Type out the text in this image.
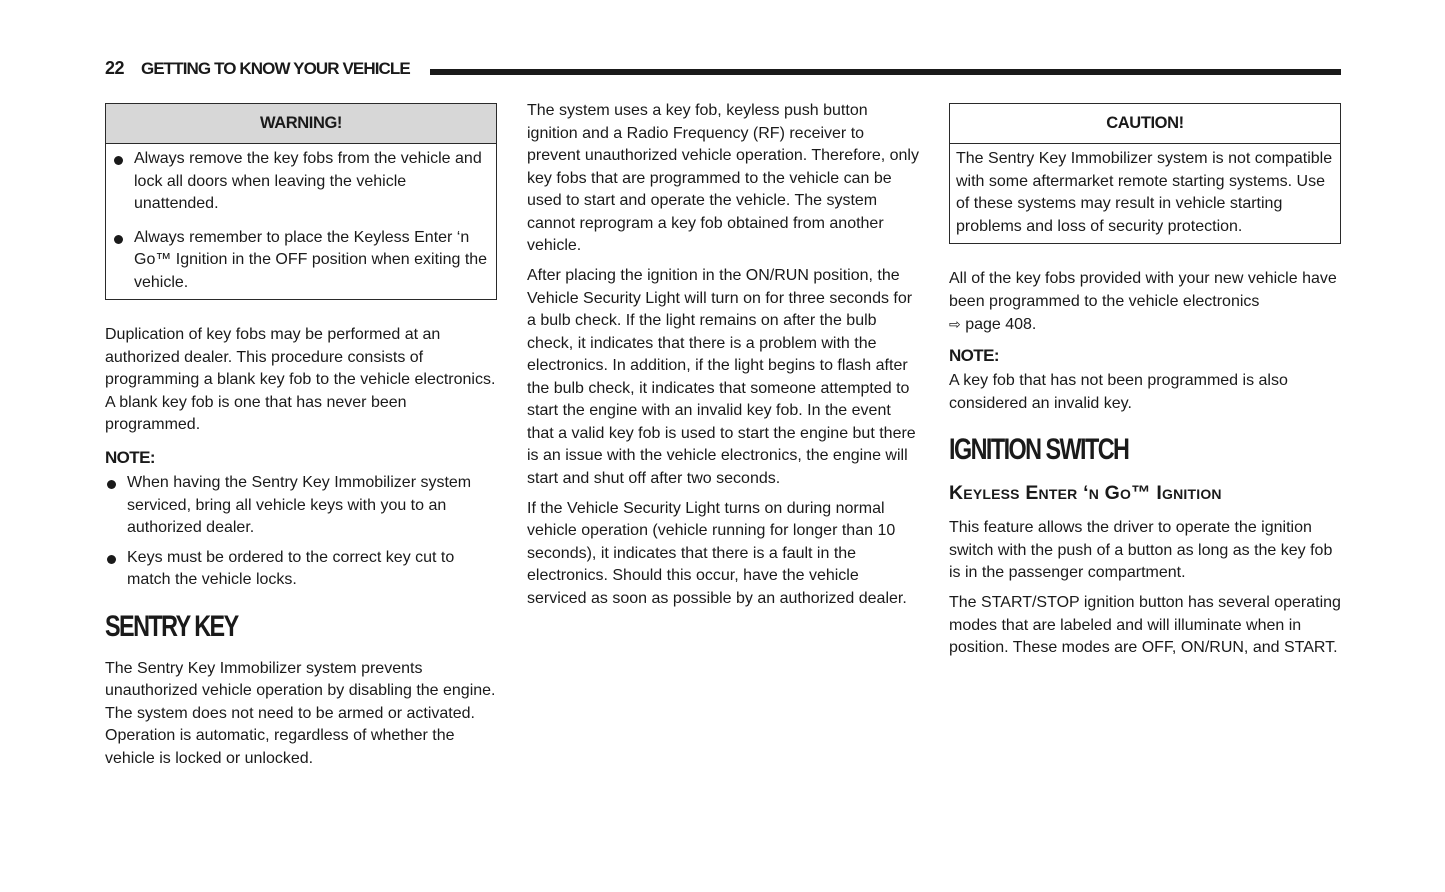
22 GETTING TO KNOW YOUR VEHICLE
WARNING!
Always remove the key fobs from the vehicle and lock all doors when leaving the vehicle unattended.
Always remember to place the Keyless Enter ‘n Go™ Ignition in the OFF position when exiting the vehicle.

Duplication of key fobs may be performed at an authorized dealer. This procedure consists of programming a blank key fob to the vehicle electronics. A blank key fob is one that has never been programmed.

NOTE:
When having the Sentry Key Immobilizer system serviced, bring all vehicle keys with you to an authorized dealer.
Keys must be ordered to the correct key cut to match the vehicle locks.
SENTRY KEY

The Sentry Key Immobilizer system prevents unauthorized vehicle operation by disabling the engine. The system does not need to be armed or activated. Operation is automatic, regardless of whether the vehicle is locked or unlocked.

The system uses a key fob, keyless push button ignition and a Radio Frequency (RF) receiver to prevent unauthorized vehicle operation. Therefore, only key fobs that are programmed to the vehicle can be used to start and operate the vehicle. The system cannot reprogram a key fob obtained from another vehicle.

After placing the ignition in the ON/RUN position, the Vehicle Security Light will turn on for three seconds for a bulb check. If the light remains on after the bulb check, it indicates that there is a problem with the electronics. In addition, if the light begins to flash after the bulb check, it indicates that someone attempted to start the engine with an invalid key fob. In the event that a valid key fob is used to start the engine but there is an issue with the vehicle electronics, the engine will start and shut off after two seconds.

If the Vehicle Security Light turns on during normal vehicle operation (vehicle running for longer than 10 seconds), it indicates that there is a fault in the electronics. Should this occur, have the vehicle serviced as soon as possible by an authorized dealer.

CAUTION!
The Sentry Key Immobilizer system is not compatible with some aftermarket remote starting systems. Use of these systems may result in vehicle starting problems and loss of security protection.

All of the key fobs provided with your new vehicle have been programmed to the vehicle electronics
⇨ page 408.

NOTE:

A key fob that has not been programmed is also considered an invalid key.

IGNITION SWITCH
Keyless Enter ‘n Go™ Ignition

This feature allows the driver to operate the ignition switch with the push of a button as long as the key fob is in the passenger compartment.

The START/STOP ignition button has several operating modes that are labeled and will illuminate when in position. These modes are OFF, ON/RUN, and START.
